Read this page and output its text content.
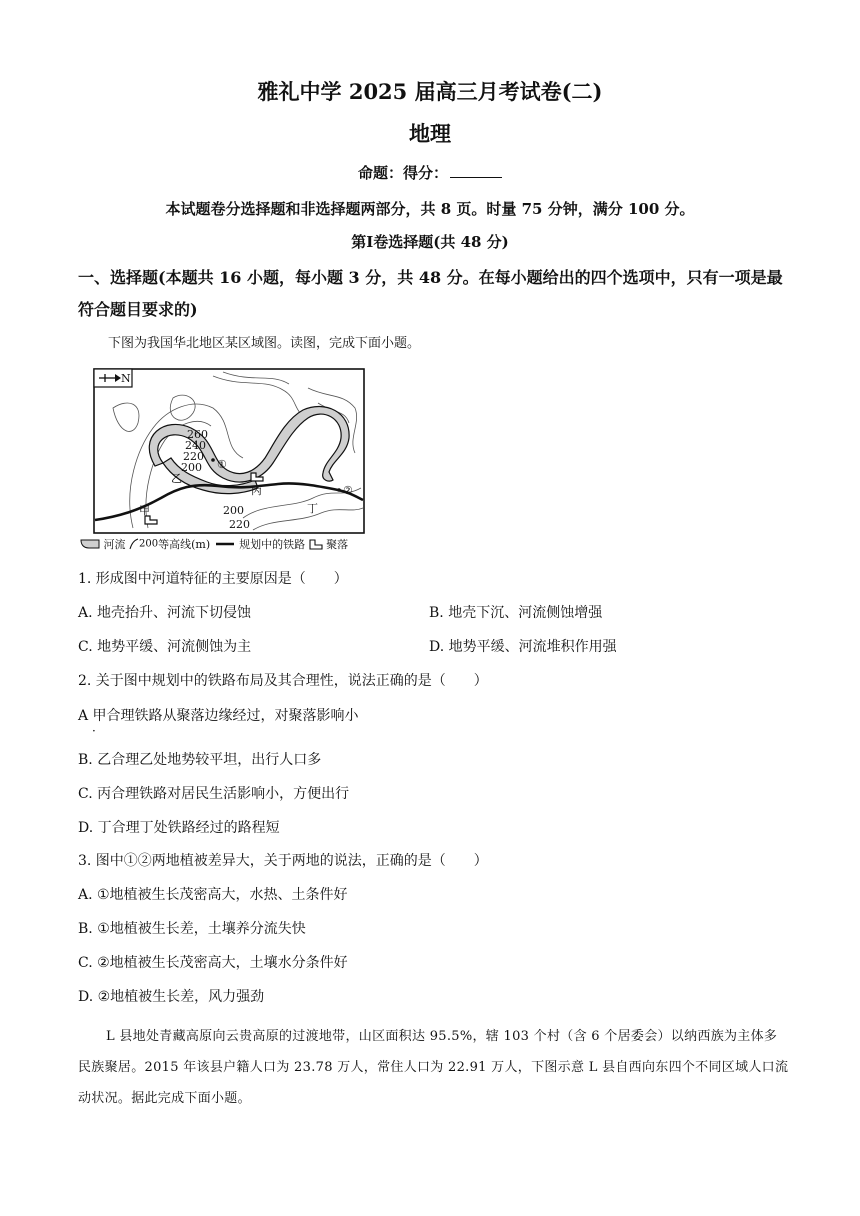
雅礼中学 2025 届高三月考试卷(二)
地理
命题：得分：
本试题卷分选择题和非选择题两部分，共 8 页。时量 75 分钟，满分 100 分。
第Ⅰ卷选择题(共 48 分)
一、选择题(本题共 16 小题，每小题 3 分，共 48 分。在每小题给出的四个选项中，只有一项是最符合题目要求的)
下图为我国华北地区某区域图。读图，完成下面小题。
N
260
240
220
200
200
220
甲
乙
丙
丁
①
②
河流 200等高线(m)	规划中的铁路 聚落
1. 形成图中河道特征的主要原因是（　　）
A. 地壳抬升、河流下切侵蚀	B. 地壳下沉、河流侧蚀增强
C. 地势平缓、河流侧蚀为主	D. 地势平缓、河流堆积作用强
2. 关于图中规划中的铁路布局及其合理性，说法正确的是（　　）
A 甲合理铁路从聚落边缘经过，对聚落影响小
·
B. 乙合理乙处地势较平坦，出行人口多
C. 丙合理铁路对居民生活影响小，方便出行
D. 丁合理丁处铁路经过的路程短
3. 图中①②两地植被差异大，关于两地的说法，正确的是（　　）
A. ①地植被生长茂密高大，水热、土条件好
B. ①地植被生长差，土壤养分流失快
C. ②地植被生长茂密高大，土壤水分条件好
D. ②地植被生长差，风力强劲
L 县地处青藏高原向云贵高原的过渡地带，山区面积达 95.5%，辖 103 个村（含 6 个居委会）以纳西族为主体多民族聚居。2015 年该县户籍人口为 23.78 万人，常住人口为 22.91 万人，下图示意 L 县自西向东四个不同区域人口流动状况。据此完成下面小题。
